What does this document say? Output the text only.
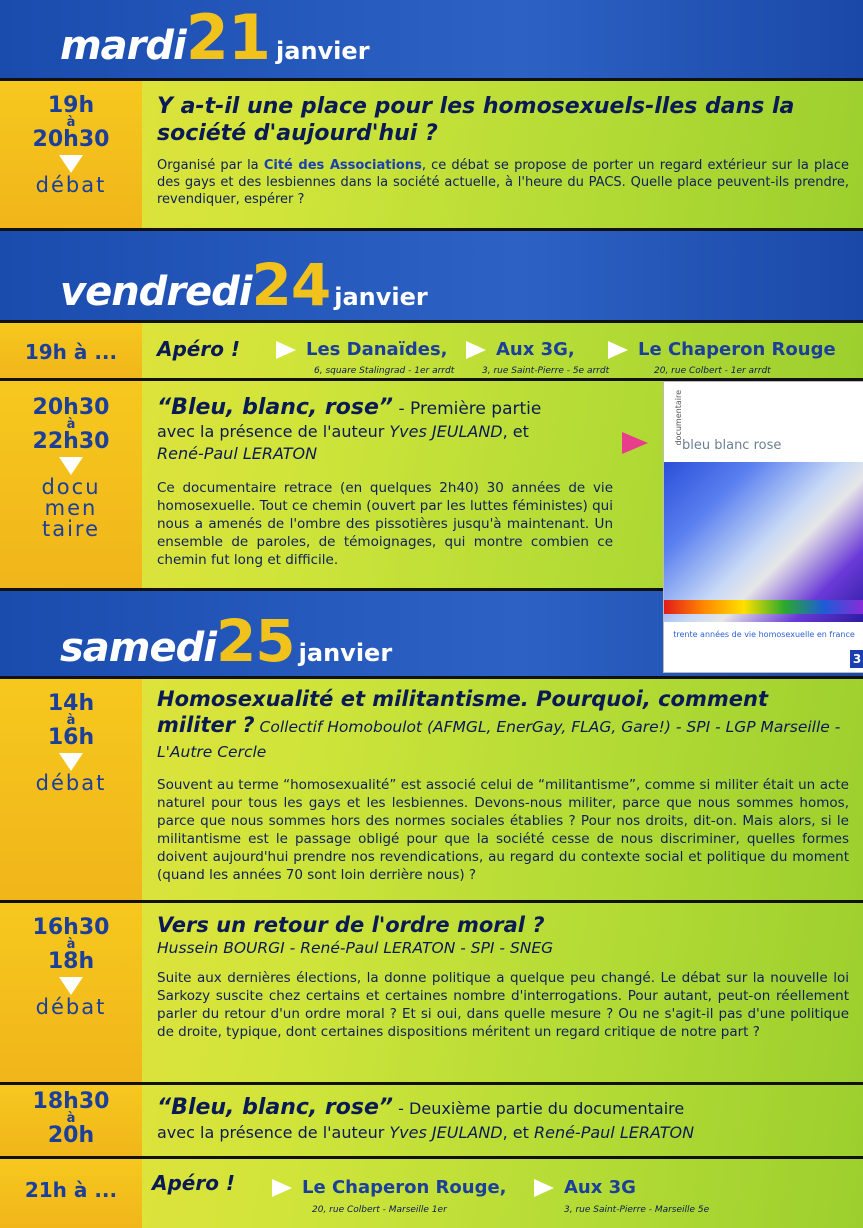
mardi21 janvier
19h
à
20h30
débat
Y a-t-il une place pour les homosexuels-lles dans la société d'aujourd'hui ?
Organisé par la Cité des Associations, ce débat se propose de porter un regard extérieur sur la place des gays et des lesbiennes dans la société actuelle, à l'heure du PACS. Quelle place peuvent-ils prendre, revendiquer, espérer ?
vendredi24 janvier
19h à ...	Apéro !	Les Danaïdes,
6, square Stalingrad - 1er arrdt
Aux 3G,
3, rue Saint-Pierre - 5e arrdt
Le Chaperon Rouge
20, rue Colbert - 1er arrdt
20h30
à
22h30
docu
men
taire
“Bleu, blanc, rose” - Première partie
avec la présence de l'auteur Yves JEULAND, et
René-Paul LERATON
Ce documentaire retrace (en quelques 2h40) 30 années de vie homosexuelle. Tout ce chemin (ouvert par les luttes féministes) qui nous a amenés de l'ombre des pissotières jusqu'à maintenant. Un ensemble de paroles, de témoignages, qui montre combien ce chemin fut long et difficile.
samedi25 janvier
14h
à
16h
débat
Homosexualité et militantisme. Pourquoi, comment militer ? Collectif Homoboulot (AFMGL, EnerGay, FLAG, Gare!) - SPI - LGP Marseille - L'Autre Cercle
Souvent au terme “homosexualité” est associé celui de “militantisme”, comme si militer était un acte naturel pour tous les gays et les lesbiennes. Devons-nous militer, parce que nous sommes homos, parce que nous sommes hors des normes sociales établies ? Pour nos droits, dit-on. Mais alors, si le militantisme est le passage obligé pour que la société cesse de nous discriminer, quelles formes doivent aujourd'hui prendre nos revendications, au regard du contexte social et politique du moment (quand les années 70 sont loin derrière nous) ?
16h30
à
18h
débat
Vers un retour de l'ordre moral ?
Hussein BOURGI - René-Paul LERATON - SPI - SNEG
Suite aux dernières élections, la donne politique a quelque peu changé. Le débat sur la nouvelle loi Sarkozy suscite chez certains et certaines nombre d'interrogations. Pour autant, peut-on réellement parler du retour d'un ordre moral ? Et si oui, dans quelle mesure ? Ou ne s'agit-il pas d'une politique de droite, typique, dont certaines dispositions méritent un regard critique de notre part ?
18h30
à
20h
“Bleu, blanc, rose” - Deuxième partie du documentaire
avec la présence de l'auteur Yves JEULAND, et René-Paul LERATON
21h à ...	Apéro !	Le Chaperon Rouge,
20, rue Colbert - Marseille 1er
Aux 3G
3, rue Saint-Pierre - Marseille 5e
documentaire bleu blanc rose
trente années de vie homosexuelle en france
3
